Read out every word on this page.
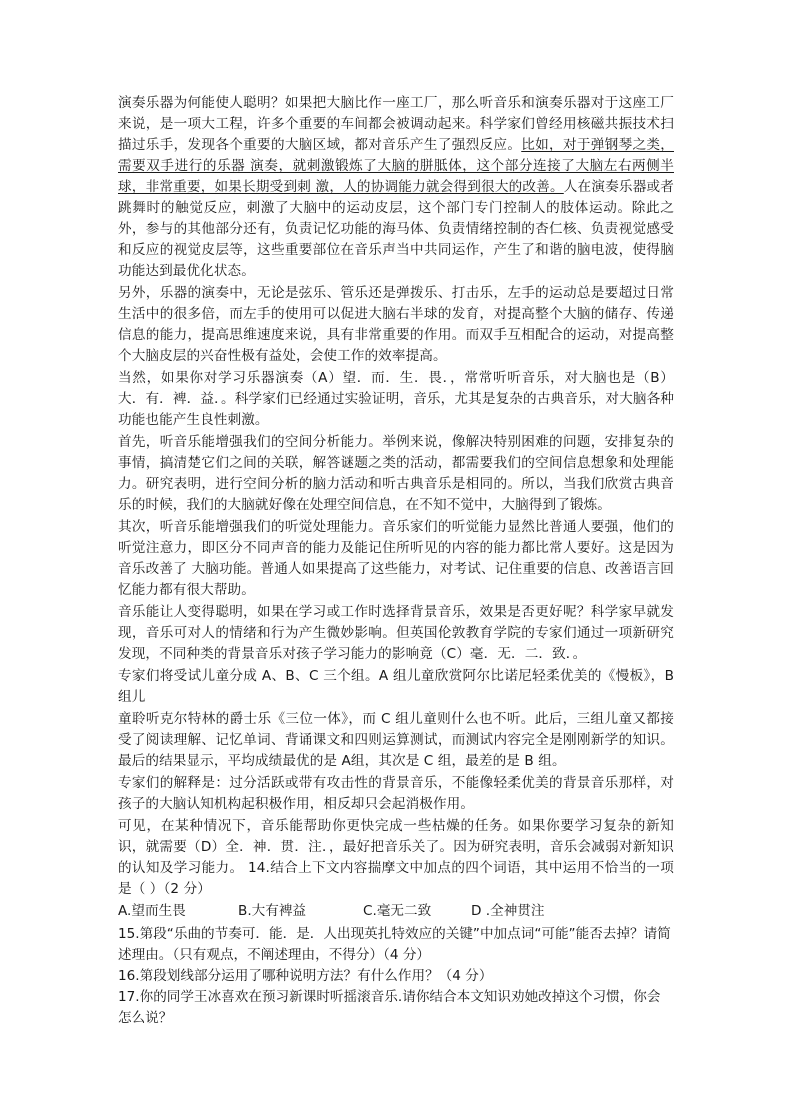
演奏乐器为何能使人聪明？如果把大脑比作一座工厂，那么听音乐和演奏乐器对于这座工厂来说，是一项大工程，许多个重要的车间都会被调动起来。科学家们曾经用核磁共振技术扫描过乐手，发现各个重要的大脑区域，都对音乐产生了强烈反应。比如，对于弹钢琴之类，需要双手进行的乐器 演奏，就刺激锻炼了大脑的胼胝体，这个部分连接了大脑左右两侧半球，非常重要，如果长期受到刺 激，人的协调能力就会得到很大的改善。人在演奏乐器或者跳舞时的触觉反应，刺激了大脑中的运动皮层，这个部门专门控制人的肢体运动。除此之外，参与的其他部分还有，负责记忆功能的海马体、负责情绪控制的杏仁核、负责视觉感受和反应的视觉皮层等，这些重要部位在音乐声当中共同运作，产生了和谐的脑电波，使得脑功能达到最优化状态。

另外，乐器的演奏中，无论是弦乐、管乐还是弹拨乐、打击乐，左手的运动总是要超过日常生活中的很多倍，而左手的使用可以促进大脑右半球的发育，对提高整个大脑的储存、传递信息的能力，提高思维速度来说，具有非常重要的作用。而双手互相配合的运动，对提高整个大脑皮层的兴奋性极有益处，会使工作的效率提高。

当然，如果你对学习乐器演奏（A）望．而．生．畏．，常常听听音乐，对大脑也是（B）大．有．裨．益．。科学家们已经通过实验证明，音乐，尤其是复杂的古典音乐，对大脑各种功能也能产生良性刺激。

首先，听音乐能增强我们的空间分析能力。举例来说，像解决特别困难的问题，安排复杂的事情，搞清楚它们之间的关联，解答谜题之类的活动，都需要我们的空间信息想象和处理能力。研究表明，进行空间分析的脑力活动和听古典音乐是相同的。所以，当我们欣赏古典音乐的时候，我们的大脑就好像在处理空间信息，在不知不觉中，大脑得到了锻炼。

其次，听音乐能增强我们的听觉处理能力。音乐家们的听觉能力显然比普通人要强，他们的听觉注意力，即区分不同声音的能力及能记住所听见的内容的能力都比常人要好。这是因为音乐改善了 大脑功能。普通人如果提高了这些能力，对考试、记住重要的信息、改善语言回忆能力都有很大帮助。

音乐能让人变得聪明，如果在学习或工作时选择背景音乐，效果是否更好呢？科学家早就发现，音乐可对人的情绪和行为产生微妙影响。但英国伦敦教育学院的专家们通过一项新研究发现，不同种类的背景音乐对孩子学习能力的影响竟（C）毫．无．二．致．。

专家们将受试儿童分成 A、B、C 三个组。A 组儿童欣赏阿尔比诺尼轻柔优美的《慢板》，B 组儿

童聆听克尔特林的爵士乐《三位一体》，而 C 组儿童则什么也不听。此后，三组儿童又都接受了阅读理解、记忆单词、背诵课文和四则运算测试，而测试内容完全是刚刚新学的知识。最后的结果显示，平均成绩最优的是 A组，其次是 C 组，最差的是 B 组。

专家们的解释是：过分活跃或带有攻击性的背景音乐，不能像轻柔优美的背景音乐那样，对孩子的大脑认知机构起积极作用，相反却只会起消极作用。

可见，在某种情况下，音乐能帮助你更快完成一些枯燥的任务。如果你要学习复杂的新知识，就需要（D）全．神．贯．注．，最好把音乐关了。因为研究表明，音乐会减弱对新知识的认知及学习能力。 14.结合上下文内容揣摩文中加点的四个词语，其中运用不恰当的一项是（ ）（2 分）

A.望而生畏	B.大有裨益	C.毫无二致	D .全神贯注

15.第段“乐曲的节奏可．能．是．人出现英扎特效应的关键”中加点词“可能”能否去掉？请简述理由。（只有观点，不阐述理由，不得分）（4 分）

16.第段划线部分运用了哪种说明方法？有什么作用？（4 分）

17.你的同学王冰喜欢在预习新课时听摇滚音乐.请你结合本文知识劝她改掉这个习惯，你会怎么说？
